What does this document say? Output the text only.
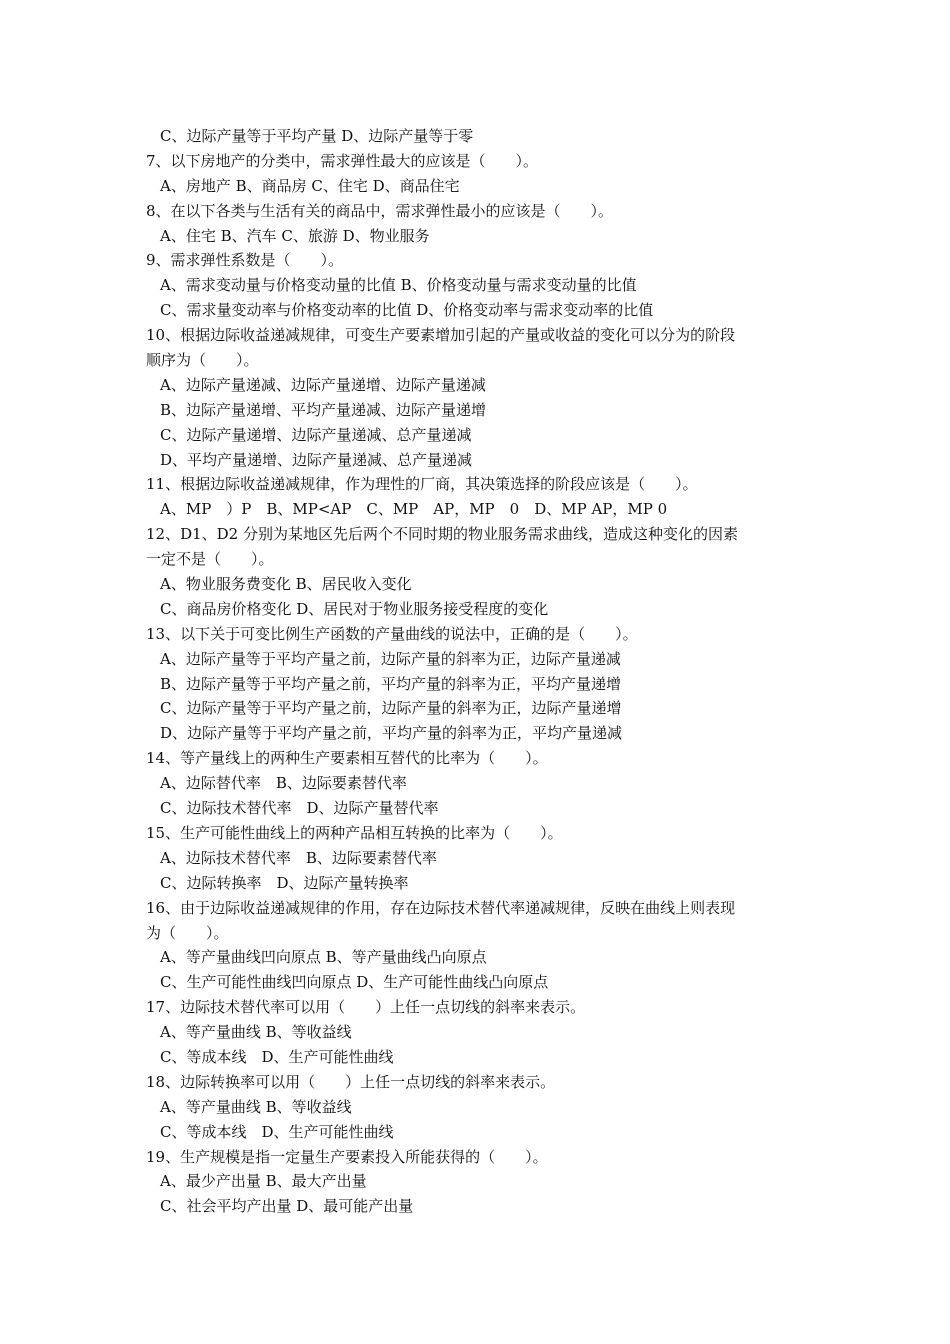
C、边际产量等于平均产量 D、边际产量等于零
7、以下房地产的分类中，需求弹性最大的应该是（　　）。
A、房地产 B、商品房 C、住宅 D、商品住宅
8、在以下各类与生活有关的商品中，需求弹性最小的应该是（　　）。
A、住宅 B、汽车 C、旅游 D、物业服务
9、需求弹性系数是（　　）。
A、需求变动量与价格变动量的比值 B、价格变动量与需求变动量的比值
C、需求量变动率与价格变动率的比值 D、价格变动率与需求变动率的比值
10、根据边际收益递减规律，可变生产要素增加引起的产量或收益的变化可以分为的阶段
顺序为（　　）。
A、边际产量递减、边际产量递增、边际产量递减
B、边际产量递增、平均产量递减、边际产量递增
C、边际产量递增、边际产量递减、总产量递减
D、平均产量递增、边际产量递减、总产量递减
11、根据边际收益递减规律，作为理性的厂商，其决策选择的阶段应该是（　　）。
A、MP　）P　B、MP<AP　C、MP　AP，MP　0　D、MP AP，MP 0
12、D1、D2 分别为某地区先后两个不同时期的物业服务需求曲线，造成这种变化的因素
一定不是（　　）。
A、物业服务费变化 B、居民收入变化
C、商品房价格变化 D、居民对于物业服务接受程度的变化
13、以下关于可变比例生产函数的产量曲线的说法中，正确的是（　　）。
A、边际产量等于平均产量之前，边际产量的斜率为正，边际产量递减
B、边际产量等于平均产量之前，平均产量的斜率为正，平均产量递增
C、边际产量等于平均产量之前，边际产量的斜率为正，边际产量递增
D、边际产量等于平均产量之前，平均产量的斜率为正，平均产量递减
14、等产量线上的两种生产要素相互替代的比率为（　　）。
A、边际替代率　B、边际要素替代率
C、边际技术替代率　D、边际产量替代率
15、生产可能性曲线上的两种产品相互转换的比率为（　　）。
A、边际技术替代率　B、边际要素替代率
C、边际转换率　D、边际产量转换率
16、由于边际收益递减规律的作用，存在边际技术替代率递减规律，反映在曲线上则表现
为（　　）。
A、等产量曲线凹向原点 B、等产量曲线凸向原点
C、生产可能性曲线凹向原点 D、生产可能性曲线凸向原点
17、边际技术替代率可以用（　　）上任一点切线的斜率来表示。
A、等产量曲线 B、等收益线
C、等成本线　D、生产可能性曲线
18、边际转换率可以用（　　）上任一点切线的斜率来表示。
A、等产量曲线 B、等收益线
C、等成本线　D、生产可能性曲线
19、生产规模是指一定量生产要素投入所能获得的（　　）。
A、最少产出量 B、最大产出量
C、社会平均产出量 D、最可能产出量
